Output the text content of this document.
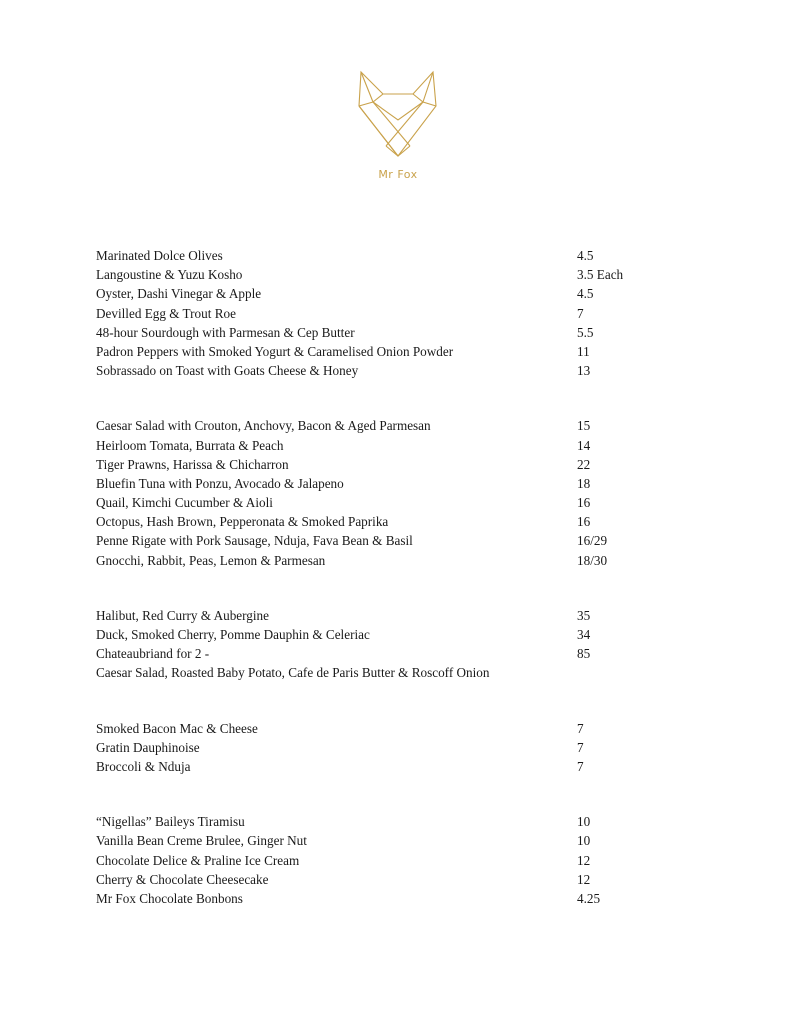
Mr Fox
Marinated Dolce Olives	4.5
Langoustine & Yuzu Kosho	3.5 Each
Oyster, Dashi Vinegar & Apple	4.5
Devilled Egg & Trout Roe	7
48-hour Sourdough with Parmesan & Cep Butter	5.5
Padron Peppers with Smoked Yogurt & Caramelised Onion Powder	11
Sobrassado on Toast with Goats Cheese & Honey	13
Caesar Salad with Crouton, Anchovy, Bacon & Aged Parmesan	15
Heirloom Tomata, Burrata & Peach	14
Tiger Prawns, Harissa & Chicharron	22
Bluefin Tuna with Ponzu, Avocado & Jalapeno	18
Quail, Kimchi Cucumber & Aioli	16
Octopus, Hash Brown, Pepperonata & Smoked Paprika	16
Penne Rigate with Pork Sausage, Nduja, Fava Bean & Basil	16/29
Gnocchi, Rabbit, Peas, Lemon & Parmesan	18/30
Halibut, Red Curry & Aubergine	35
Duck, Smoked Cherry, Pomme Dauphin & Celeriac	34
Chateaubriand for 2 -	85
Caesar Salad, Roasted Baby Potato, Cafe de Paris Butter & Roscoff Onion
Smoked Bacon Mac & Cheese	7
Gratin Dauphinoise	7
Broccoli & Nduja	7
“Nigellas” Baileys Tiramisu	10
Vanilla Bean Creme Brulee, Ginger Nut	10
Chocolate Delice & Praline Ice Cream	12
Cherry & Chocolate Cheesecake	12
Mr Fox Chocolate Bonbons	4.25
